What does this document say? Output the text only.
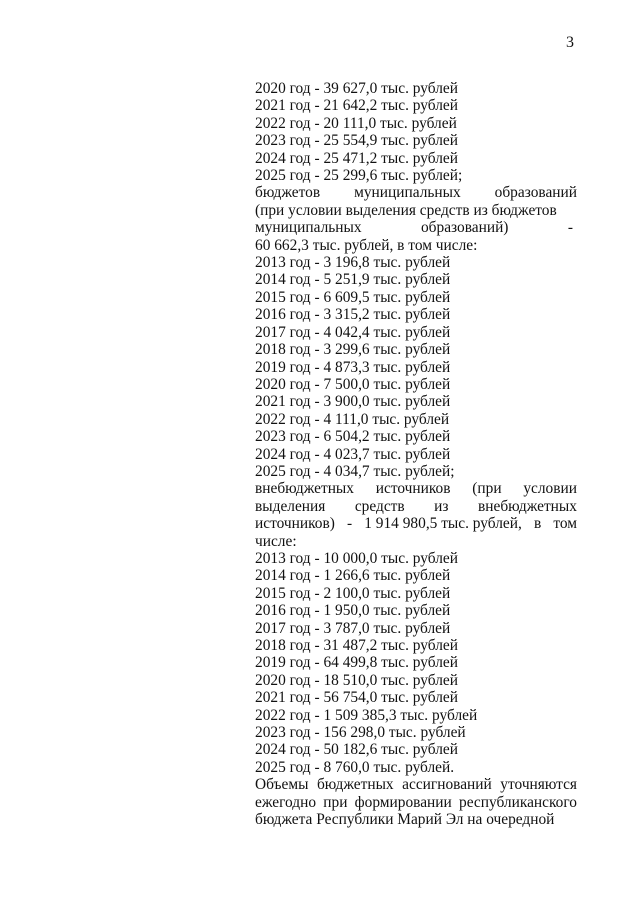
3
2020 год - 39 627,0 тыс. рублей
2021 год - 21 642,2 тыс. рублей
2022 год - 20 111,0 тыс. рублей
2023 год - 25 554,9 тыс. рублей
2024 год - 25 471,2 тыс. рублей
2025 год - 25 299,6 тыс. рублей;
бюджетов муниципальных образований
(при условии выделения средств из бюджетов
муниципальных	образований)	-
60 662,3 тыс. рублей, в том числе:
2013 год - 3 196,8 тыс. рублей
2014 год - 5 251,9 тыс. рублей
2015 год - 6 609,5 тыс. рублей
2016 год - 3 315,2 тыс. рублей
2017 год - 4 042,4 тыс. рублей
2018 год - 3 299,6 тыс. рублей
2019 год - 4 873,3 тыс. рублей
2020 год - 7 500,0 тыс. рублей
2021 год - 3 900,0 тыс. рублей
2022 год - 4 111,0 тыс. рублей
2023 год - 6 504,2 тыс. рублей
2024 год - 4 023,7 тыс. рублей
2025 год - 4 034,7 тыс. рублей;
внебюджетных источников (при условии
выделения средств из внебюджетных
источников) - 1 914 980,5 тыс. рублей, в том
числе:
2013 год - 10 000,0 тыс. рублей
2014 год - 1 266,6 тыс. рублей
2015 год - 2 100,0 тыс. рублей
2016 год - 1 950,0 тыс. рублей
2017 год - 3 787,0 тыс. рублей
2018 год - 31 487,2 тыс. рублей
2019 год - 64 499,8 тыс. рублей
2020 год - 18 510,0 тыс. рублей
2021 год - 56 754,0 тыс. рублей
2022 год - 1 509 385,3 тыс. рублей
2023 год - 156 298,0 тыс. рублей
2024 год - 50 182,6 тыс. рублей
2025 год - 8 760,0 тыс. рублей.
Объемы бюджетных ассигнований уточняются ежегодно при формировании республиканского бюджета Республики Марий Эл на очередной
